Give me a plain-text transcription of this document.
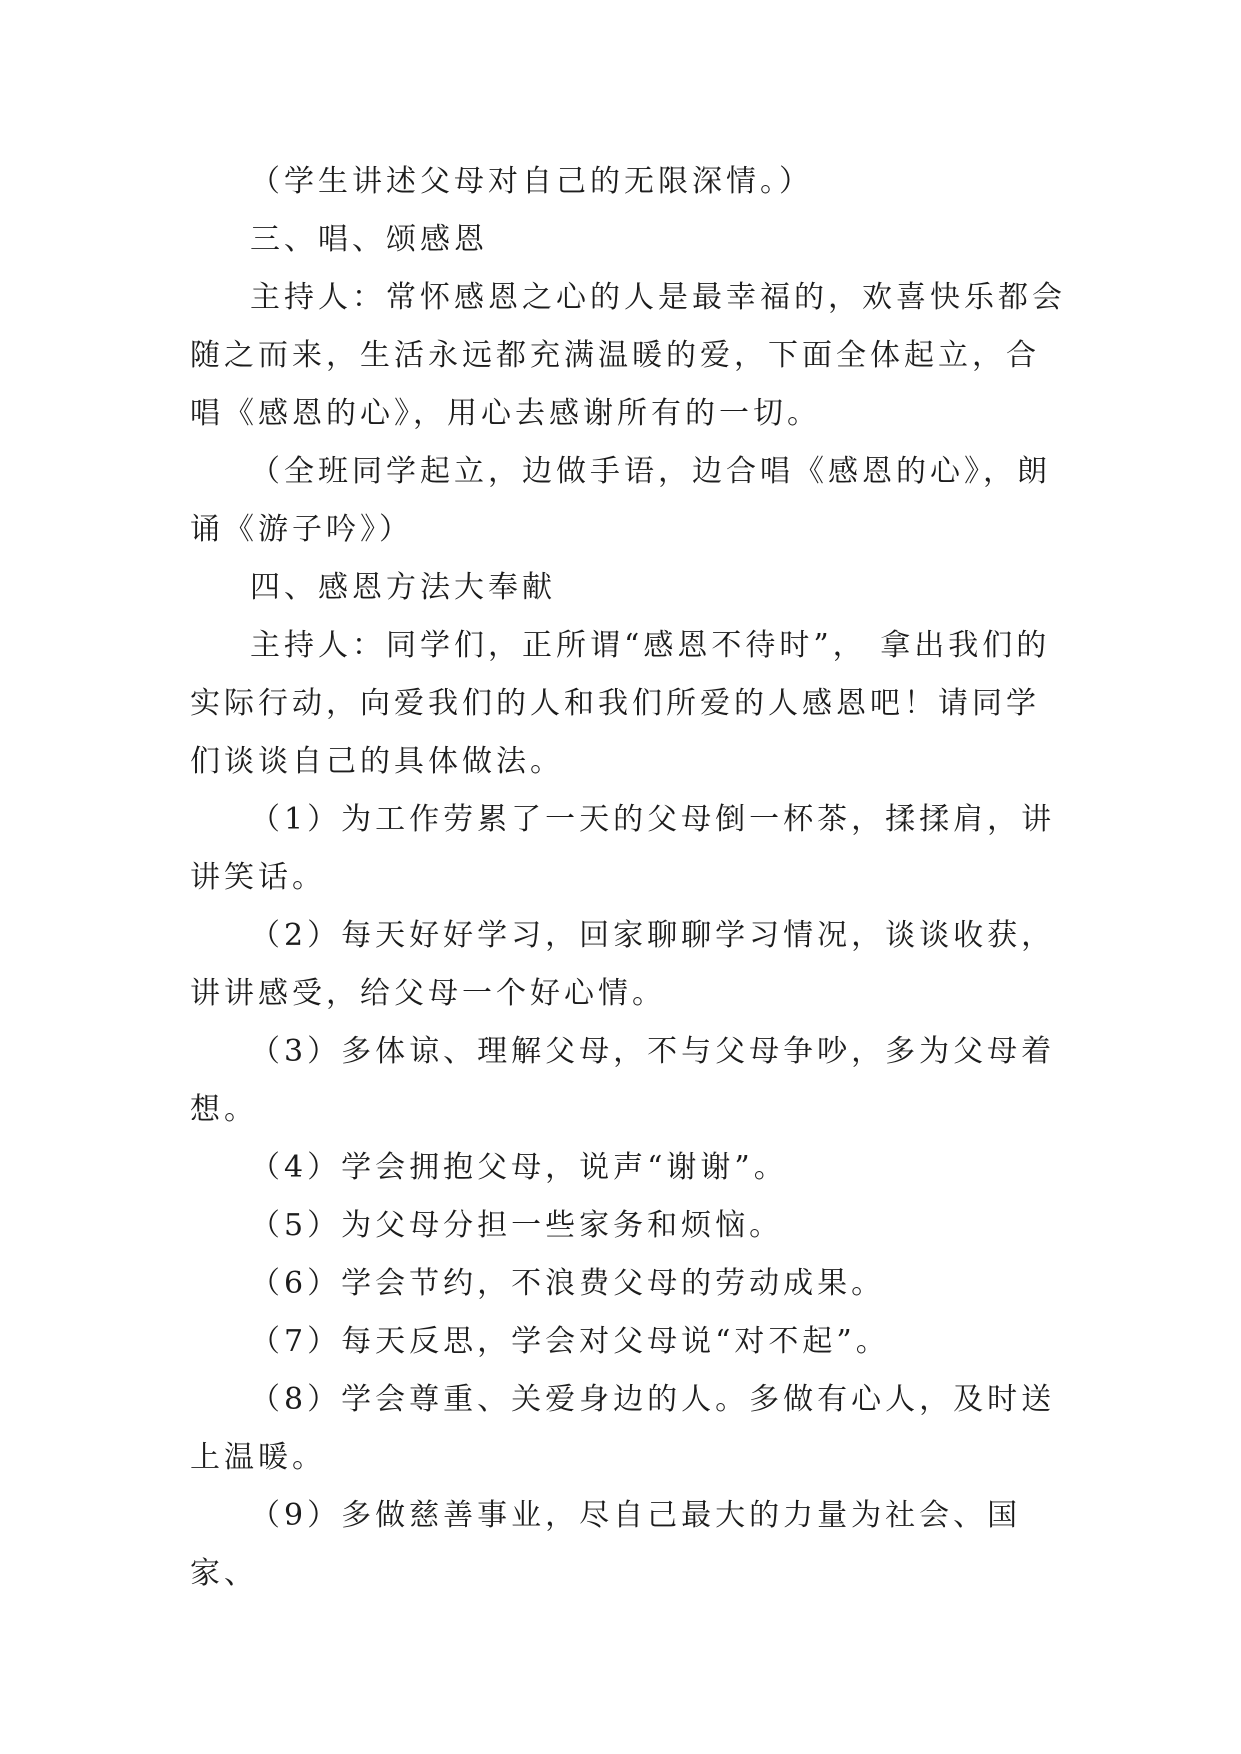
（学生讲述父母对自己的无限深情。）

三、唱、颂感恩

主持人：常怀感恩之心的人是最幸福的，欢喜快乐都会随之而来，生活永远都充满温暖的爱，下面全体起立，合唱《感恩的心》，用心去感谢所有的一切。

（全班同学起立，边做手语，边合唱《感恩的心》，朗诵《游子吟》）

四、感恩方法大奉献

主持人：同学们，正所谓“感恩不待时”， 拿出我们的实际行动，向爱我们的人和我们所爱的人感恩吧！请同学们谈谈自己的具体做法。

（1）为工作劳累了一天的父母倒一杯茶，揉揉肩，讲讲笑话。

（2）每天好好学习，回家聊聊学习情况，谈谈收获，讲讲感受，给父母一个好心情。

（3）多体谅、理解父母，不与父母争吵，多为父母着想。

（4）学会拥抱父母，说声“谢谢”。

（5）为父母分担一些家务和烦恼。

（6）学会节约，不浪费父母的劳动成果。

（7）每天反思，学会对父母说“对不起”。

（8）学会尊重、关爱身边的人。多做有心人，及时送上温暖。

（9）多做慈善事业，尽自己最大的力量为社会、国家、
